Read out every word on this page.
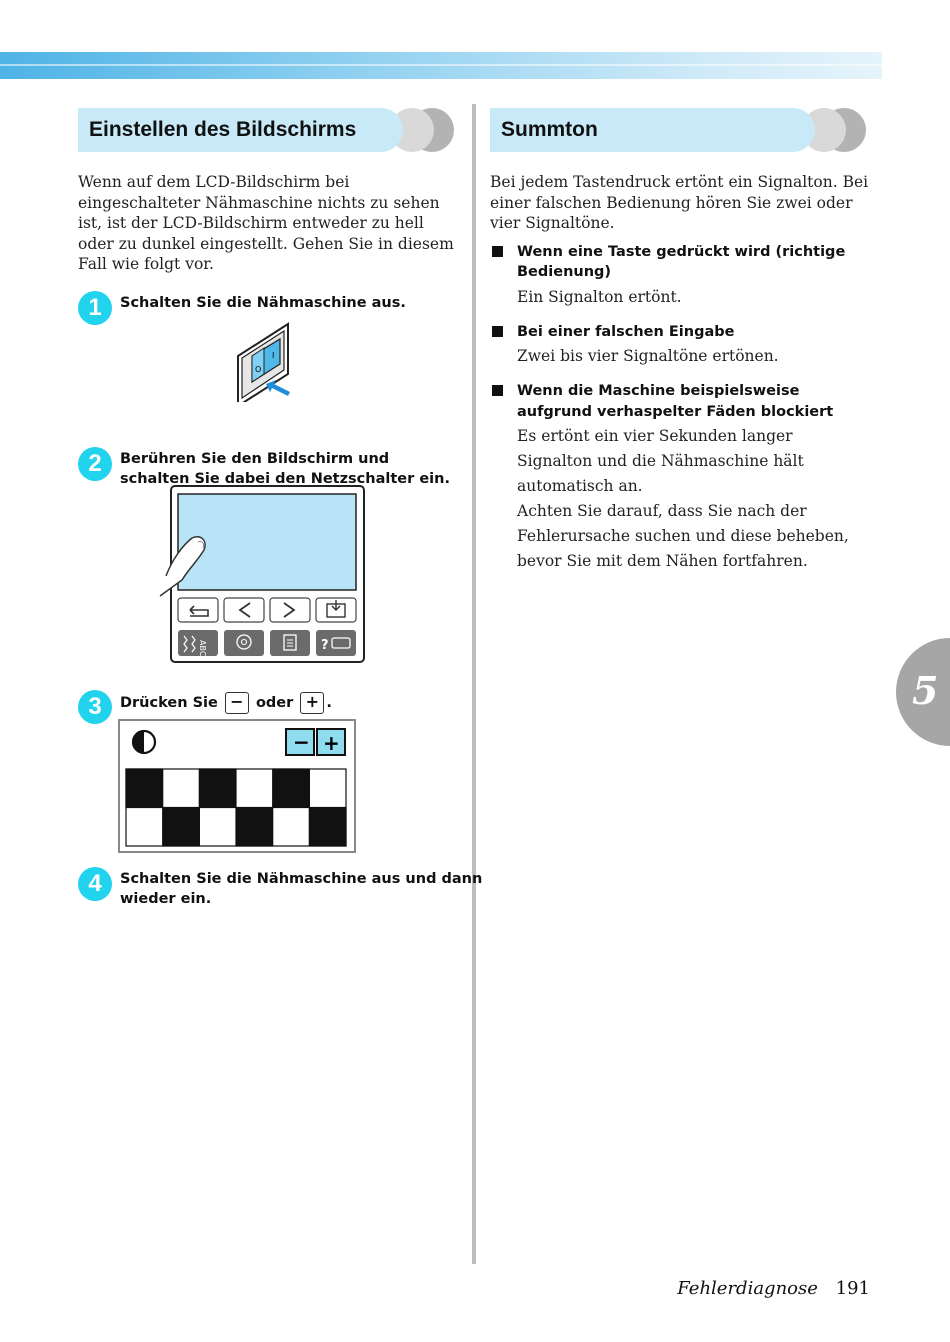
Einstellen des Bildschirms

Wenn auf dem LCD-Bildschirm bei eingeschalteter Nähmaschine nichts zu sehen ist, ist der LCD-Bildschirm entweder zu hell oder zu dunkel eingestellt. Gehen Sie in diesem Fall wie folgt vor.

1	Schalten Sie die Nähmaschine aus.
O
I
2	Berühren Sie den Bildschirm und schalten Sie dabei den Netzschalter ein.
ABC	?
3	Drücken Sie − oder + .
− +
4	Schalten Sie die Nähmaschine aus und dann wieder ein.
Summton

Bei jedem Tastendruck ertönt ein Signalton. Bei einer falschen Bedienung hören Sie zwei oder vier Signaltöne.

Wenn eine Taste gedrückt wird (richtige Bedienung)
Ein Signalton ertönt.
Bei einer falschen Eingabe
Zwei bis vier Signaltöne ertönen.
Wenn die Maschine beispielsweise aufgrund verhaspelter Fäden blockiert
Es ertönt ein vier Sekunden langer Signalton und die Nähmaschine hält automatisch an.
Achten Sie darauf, dass Sie nach der Fehlerursache suchen und diese beheben, bevor Sie mit dem Nähen fortfahren.
5
Fehlerdiagnose 191
